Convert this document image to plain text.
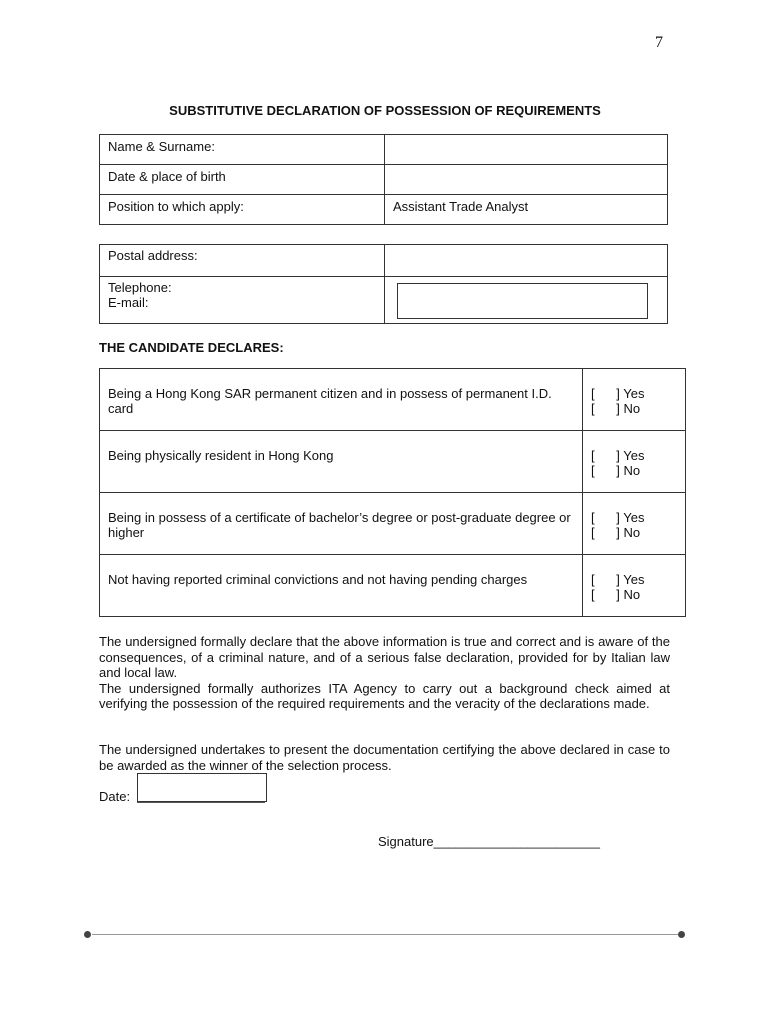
7
SUBSTITUTIVE DECLARATION OF POSSESSION OF REQUIREMENTS
Name & Surname:	
Date & place of birth	
Position to which apply:	Assistant Trade Analyst
Postal address:	

Telephone:
E-mail:	

THE CANDIDATE DECLARES:
Being a Hong Kong SAR permanent citizen and in possess of permanent I.D. card	[      ] Yes
[      ] No

Being physically resident in Hong Kong	[      ] Yes
[      ] No

Being in possess of a certificate of bachelor’s degree or post-graduate degree or higher	[      ] Yes
[      ] No

Not having reported criminal convictions and not having pending charges	[      ] Yes
[      ] No
The undersigned formally declare that the above information is true and correct and is aware of the consequences, of a criminal nature, and of a serious false declaration, provided for by Italian law and local law.
The undersigned formally authorizes ITA Agency to carry out a background check aimed at verifying the possession of the required requirements and the veracity of the declarations made.
The undersigned undertakes to present the documentation certifying the above declared in case to be awarded as the winner of the selection process.
Date:
Signature_______________________
